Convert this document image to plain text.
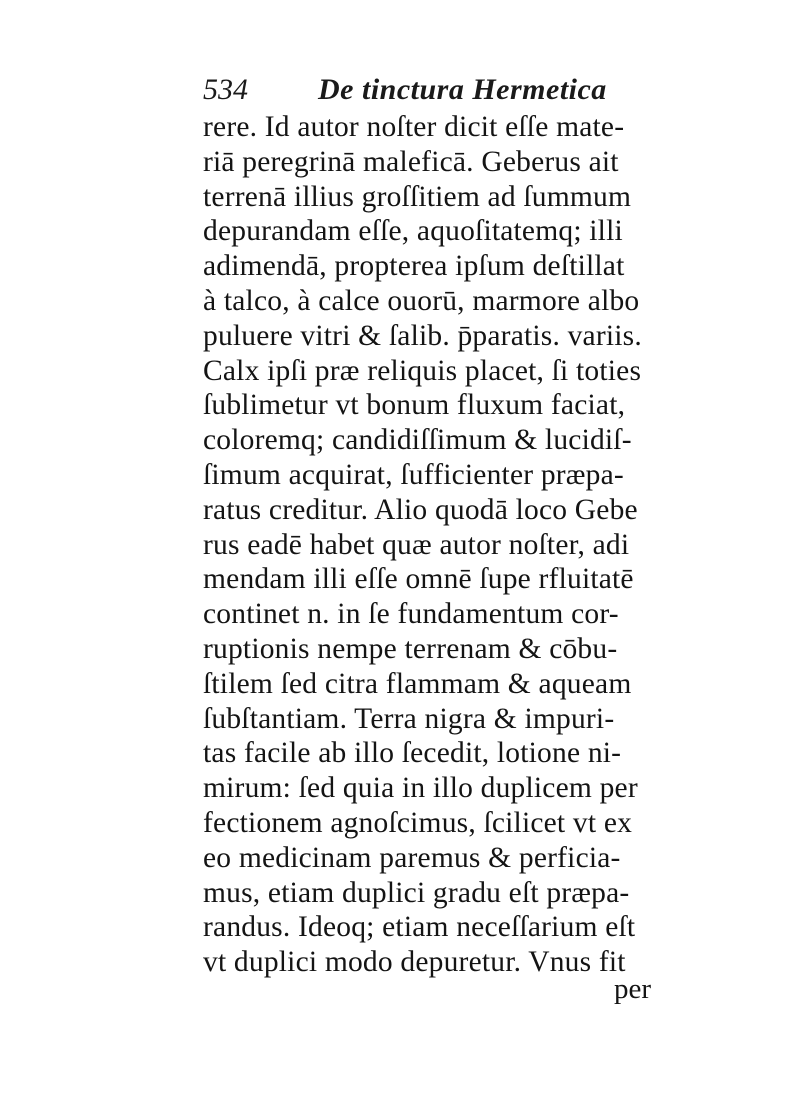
534 De tinctura Hermetica
rere. Id autor noſter dicit eſſe mate-
riā peregrinā maleficā. Geberus ait
terrenā illius groſſitiem ad ſummum
depurandam eſſe, aquoſitatemq; illi
adimendā, propterea ipſum deſtillat
à talco, à calce ouorū, marmore albo
puluere vitri & ſalib. p̄paratis. variis.
Calx ipſi præ reliquis placet, ſi toties
ſublimetur vt bonum fluxum faciat,
coloremq; candidiſſimum & lucidiſ-
ſimum acquirat, ſufficienter præpa-
ratus creditur. Alio quodā loco Gebe
rus eadē habet quæ autor noſter, adi
mendam illi eſſe omnē ſupe rfluitatē
continet n. in ſe fundamentum cor-
ruptionis nempe terrenam & cōbu-
ſtilem ſed citra flammam & aqueam
ſubſtantiam. Terra nigra & impuri-
tas facile ab illo ſecedit, lotione ni-
mirum: ſed quia in illo duplicem per
fectionem agnoſcimus, ſcilicet vt ex
eo medicinam paremus & perficia-
mus, etiam duplici gradu eſt præpa-
randus. Ideoq; etiam neceſſarium eſt
vt duplici modo depuretur. Vnus fit
per
